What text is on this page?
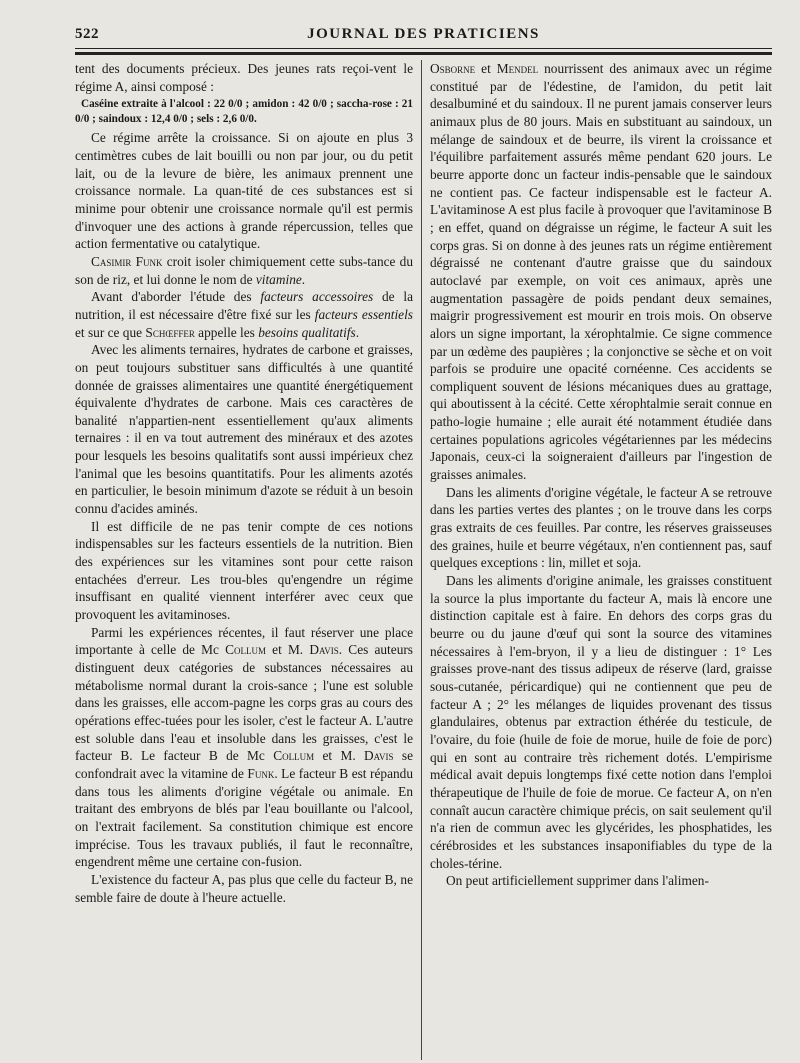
522	JOURNAL DES PRATICIENS

tent des documents précieux. Des jeunes rats reçoi-vent le régime A, ainsi composé :

Caséine extraite à l'alcool : 22 0/0 ; amidon : 42 0/0 ; saccha-rose : 21 0/0 ; saindoux : 12,4 0/0 ; sels : 2,6 0/0.

Ce régime arrête la croissance. Si on ajoute en plus 3 centimètres cubes de lait bouilli ou non par jour, ou du petit lait, ou de la levure de bière, les animaux prennent une croissance normale. La quan-tité de ces substances est si minime pour obtenir une croissance normale qu'il est permis d'invoquer une des actions à grande répercussion, telles que action fermentative ou catalytique.

Casimir Funk croit isoler chimiquement cette subs-tance du son de riz, et lui donne le nom de vitamine.

Avant d'aborder l'étude des facteurs accessoires de la nutrition, il est nécessaire d'être fixé sur les facteurs essentiels et sur ce que Schœffer appelle les besoins qualitatifs.

Avec les aliments ternaires, hydrates de carbone et graisses, on peut toujours substituer sans difficultés à une quantité donnée de graisses alimentaires une quantité énergétiquement équivalente d'hydrates de carbone. Mais ces caractères de banalité n'appartien-nent essentiellement qu'aux aliments ternaires : il en va tout autrement des minéraux et des azotes pour lesquels les besoins qualitatifs sont aussi impérieux chez l'animal que les besoins quantitatifs. Pour les aliments azotés en particulier, le besoin minimum d'azote se réduit à un besoin connu d'acides aminés.

Il est difficile de ne pas tenir compte de ces notions indispensables sur les facteurs essentiels de la nutrition. Bien des expériences sur les vitamines sont pour cette raison entachées d'erreur. Les trou-bles qu'engendre un régime insuffisant en qualité viennent interférer avec ceux que provoquent les avitaminoses.

Parmi les expériences récentes, il faut réserver une place importante à celle de Mc Collum et M. Davis. Ces auteurs distinguent deux catégories de substances nécessaires au métabolisme normal durant la crois-sance ; l'une est soluble dans les graisses, elle accom-pagne les corps gras au cours des opérations effec-tuées pour les isoler, c'est le facteur A. L'autre est soluble dans l'eau et insoluble dans les graisses, c'est le facteur B. Le facteur B de Mc Collum et M. Davis se confondrait avec la vitamine de Funk. Le facteur B est répandu dans tous les aliments d'origine végétale ou animale. En traitant des embryons de blés par l'eau bouillante ou l'alcool, on l'extrait facilement. Sa constitution chimique est encore imprécise. Tous les travaux publiés, il faut le reconnaître, engendrent même une certaine con-fusion.

L'existence du facteur A, pas plus que celle du facteur B, ne semble faire de doute à l'heure actuelle.

Osborne et Mendel nourrissent des animaux avec un régime constitué par de l'édestine, de l'amidon, du petit lait desalbuminé et du saindoux. Il ne purent jamais conserver leurs animaux plus de 80 jours. Mais en substituant au saindoux, un mélange de saindoux et de beurre, ils virent la croissance et l'équilibre parfaitement assurés même pendant 620 jours. Le beurre apporte donc un facteur indis-pensable que le saindoux ne contient pas. Ce facteur indispensable est le facteur A. L'avitaminose A est plus facile à provoquer que l'avitaminose B ; en effet, quand on dégraisse un régime, le facteur A suit les corps gras. Si on donne à des jeunes rats un régime entièrement dégraissé ne contenant d'autre graisse que du saindoux autoclavé par exemple, on voit ces animaux, après une augmentation passagère de poids pendant deux semaines, maigrir progressivement est mourir en trois mois. On observe alors un signe important, la xérophtalmie. Ce signe commence par un œdème des paupières ; la conjonctive se sèche et on voit parfois se produire une opacité cornéenne. Ces accidents se compliquent souvent de lésions mécaniques dues au grattage, qui aboutissent à la cécité. Cette xérophtalmie serait connue en patho-logie humaine ; elle aurait été notamment étudiée dans certaines populations agricoles végétariennes par les médecins Japonais, ceux-ci la soigneraient d'ailleurs par l'ingestion de graisses animales.

Dans les aliments d'origine végétale, le facteur A se retrouve dans les parties vertes des plantes ; on le trouve dans les corps gras extraits de ces feuilles. Par contre, les réserves graisseuses des graines, huile et beurre végétaux, n'en contiennent pas, sauf quelques exceptions : lin, millet et soja.

Dans les aliments d'origine animale, les graisses constituent la source la plus importante du facteur A, mais là encore une distinction capitale est à faire. En dehors des corps gras du beurre ou du jaune d'œuf qui sont la source des vitamines nécessaires à l'em-bryon, il y a lieu de distinguer : 1° Les graisses prove-nant des tissus adipeux de réserve (lard, graisse sous-cutanée, péricardique) qui ne contiennent que peu de facteur A ; 2° les mélanges de liquides provenant des tissus glandulaires, obtenus par extraction éthérée du testicule, de l'ovaire, du foie (huile de foie de morue, huile de foie de porc) qui en sont au contraire très richement dotés. L'empirisme médical avait depuis longtemps fixé cette notion dans l'emploi thérapeutique de l'huile de foie de morue. Ce facteur A, on n'en connaît aucun caractère chimique précis, on sait seulement qu'il n'a rien de commun avec les glycérides, les phosphatides, les cérébrosides et les substances insaponifiables du type de la choles-térine.

On peut artificiellement supprimer dans l'alimen-
